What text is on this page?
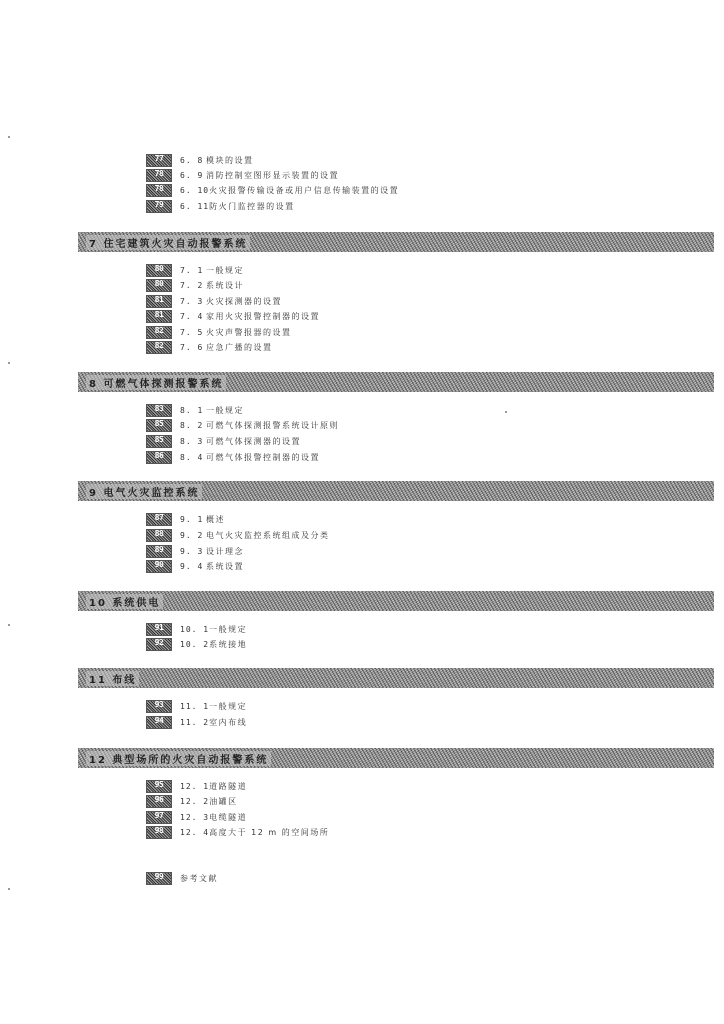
77	6. 8 模块的设置
78	6. 9 消防控制室图形显示装置的设置
78	6. 10 火灾报警传输设备或用户信息传输装置的设置
79	6. 11 防火门监控器的设置
7 住宅建筑火灾自动报警系统
80	7. 1 一般规定
80	7. 2 系统设计
81	7. 3 火灾探测器的设置
81	7. 4 家用火灾报警控制器的设置
82	7. 5 火灾声警报器的设置
82	7. 6 应急广播的设置
8 可燃气体探测报警系统
83	8. 1 一般规定
85	8. 2 可燃气体探测报警系统设计原则
85	8. 3 可燃气体探测器的设置
86	8. 4 可燃气体报警控制器的设置
9 电气火灾监控系统
87	9. 1 概述
88	9. 2 电气火灾监控系统组成及分类
89	9. 3 设计理念
90	9. 4 系统设置
10 系统供电
91	10. 1 一般规定
92	10. 2 系统接地
11 布线
93	11. 1 一般规定
94	11. 2 室内布线
12 典型场所的火灾自动报警系统
95	12. 1 道路隧道
96	12. 2 油罐区
97	12. 3 电缆隧道
98	12. 4 高度大于 12 m 的空间场所
99	参考文献
